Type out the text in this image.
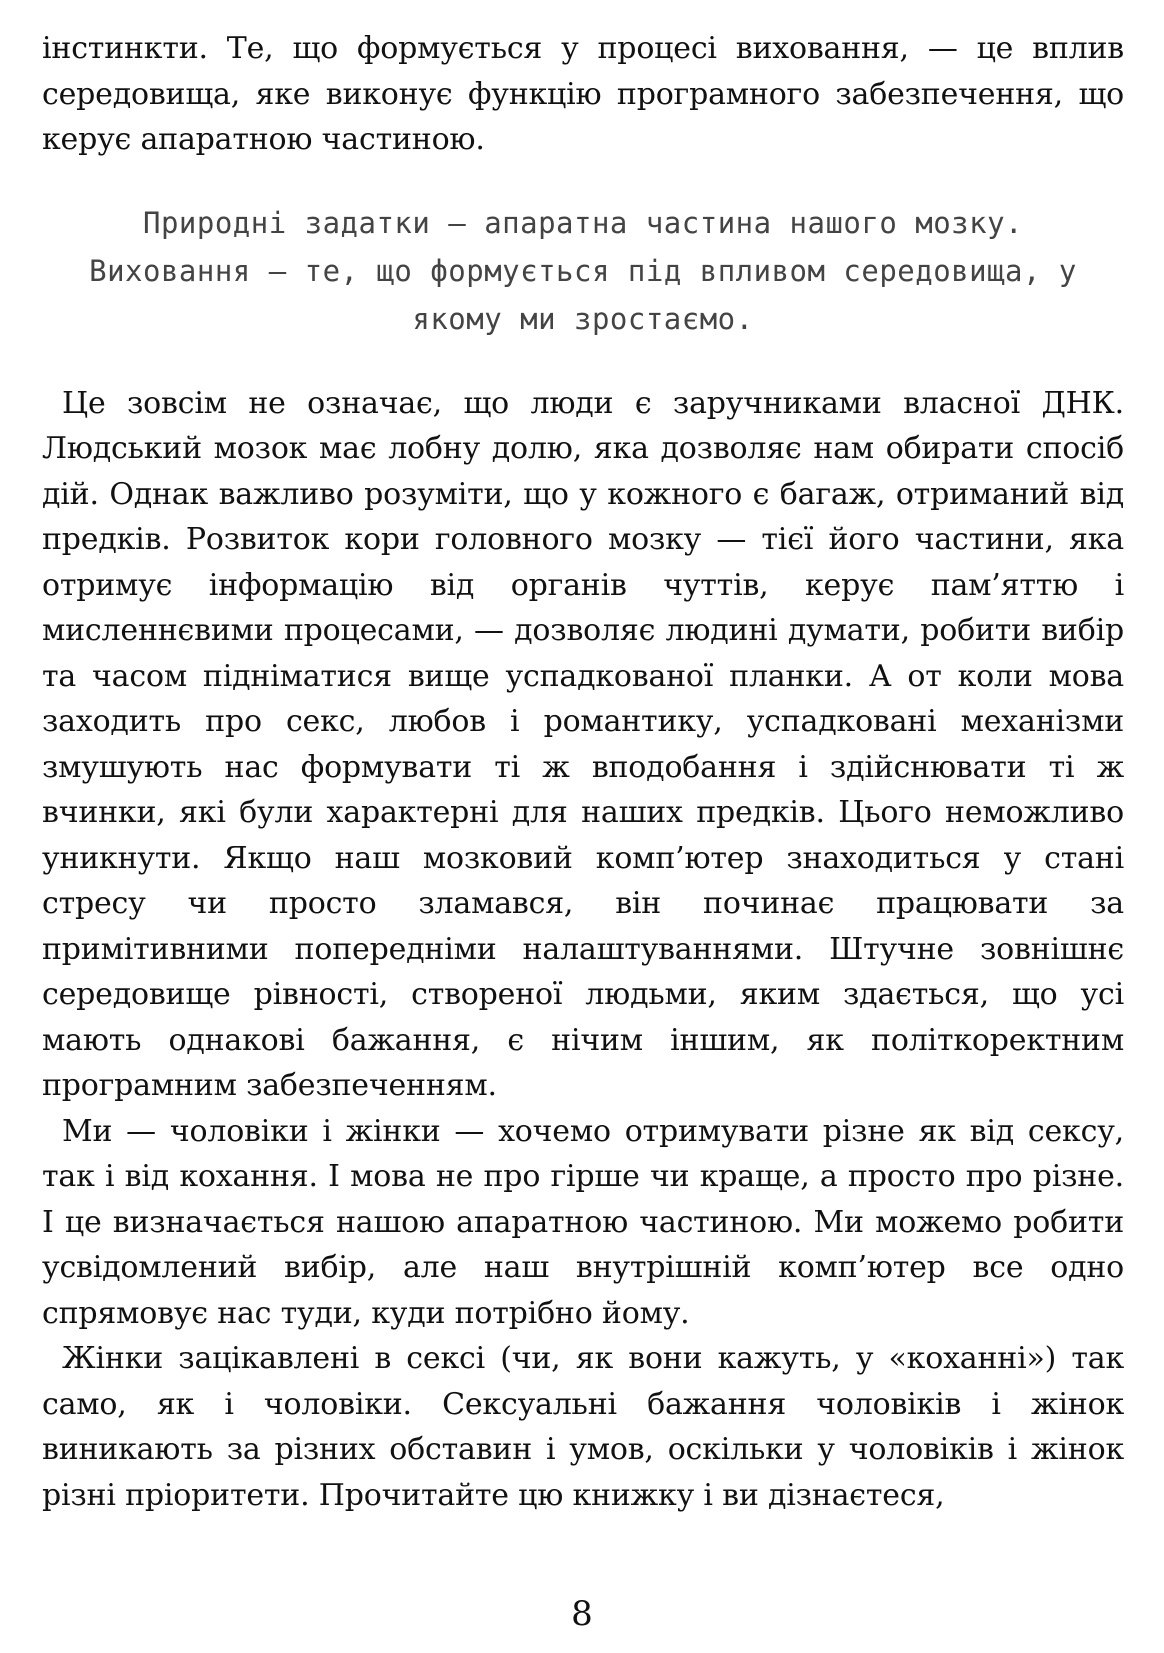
інстинкти. Те, що формується у процесі виховання, — це вплив середовища, яке виконує функцію програмного забезпечення, що керує апаратною частиною.

Природні задатки — апаратна частина нашого мозку. Виховання — те, що формується під впливом середовища, у якому ми зростаємо.

Це зовсім не означає, що люди є заручниками власної ДНК. Людський мозок має лобну долю, яка дозволяє нам обирати спосіб дій. Однак важливо розуміти, що у кожного є багаж, отриманий від предків. Розвиток кори головного мозку — тієї його частини, яка отримує інформацію від органів чуттів, керує пам’яттю і мисленнєвими процесами, — дозволяє людині думати, робити вибір та часом підніматися вище успадкованої планки. А от коли мова заходить про секс, любов і романтику, успадковані механізми змушують нас формувати ті ж вподобання і здійснювати ті ж вчинки, які були характерні для наших предків. Цього неможливо уникнути. Якщо наш мозковий комп’ютер знаходиться у стані стресу чи просто зламався, він починає працювати за примітивними попередніми налаштуваннями. Штучне зовнішнє середовище рівності, створеної людьми, яким здається, що усі мають однакові бажання, є нічим іншим, як політкоректним програмним забезпеченням.

Ми — чоловіки і жінки — хочемо отримувати різне як від сексу, так і від кохання. І мова не про гірше чи краще, а просто про різне. І це визначається нашою апаратною частиною. Ми можемо робити усвідомлений вибір, але наш внутрішній комп’ютер все одно спрямовує нас туди, куди потрібно йому.

Жінки зацікавлені в сексі (чи, як вони кажуть, у «коханні») так само, як і чоловіки. Сексуальні бажання чоловіків і жінок виникають за різних обставин і умов, оскільки у чоловіків і жінок різні пріоритети. Прочитайте цю книжку і ви дізнаєтеся,

8
